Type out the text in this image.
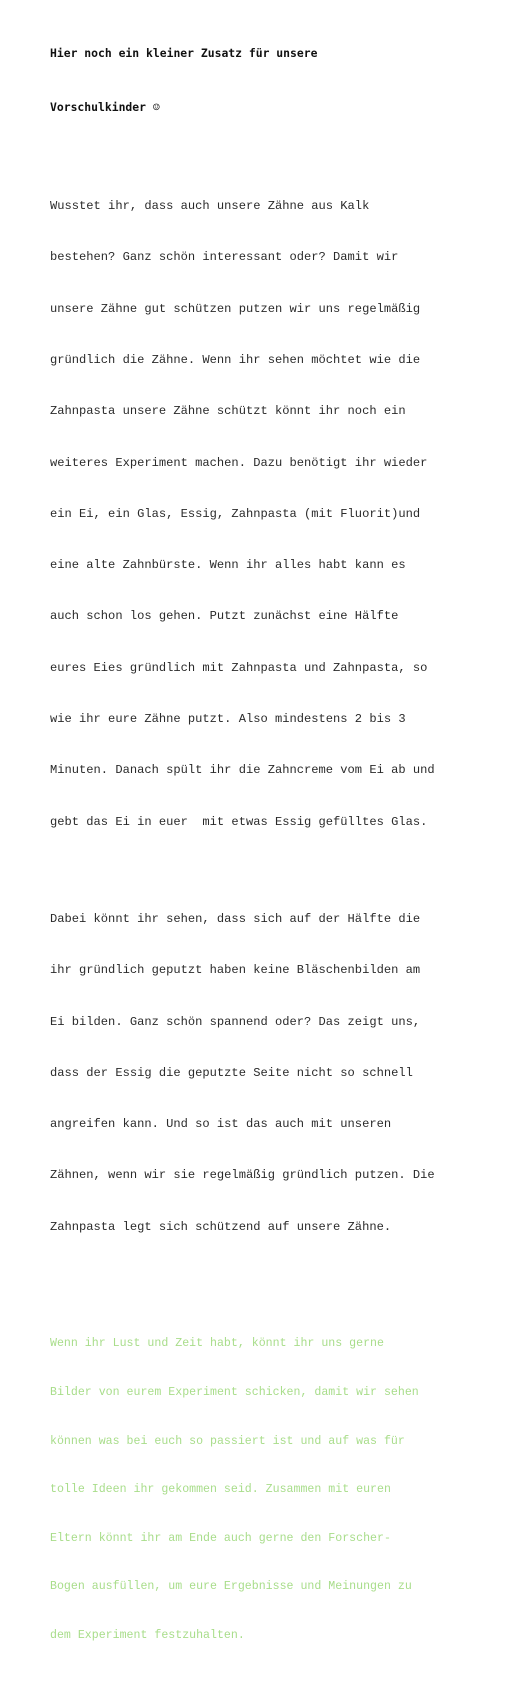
Hier noch ein kleiner Zusatz für unsere

Vorschulkinder ☺

Wusstet ihr, dass auch unsere Zähne aus Kalk

bestehen? Ganz schön interessant oder? Damit wir

unsere Zähne gut schützen putzen wir uns regelmäßig

gründlich die Zähne. Wenn ihr sehen möchtet wie die

Zahnpasta unsere Zähne schützt könnt ihr noch ein

weiteres Experiment machen. Dazu benötigt ihr wieder

ein Ei, ein Glas, Essig, Zahnpasta (mit Fluorit)und

eine alte Zahnbürste. Wenn ihr alles habt kann es

auch schon los gehen. Putzt zunächst eine Hälfte

eures Eies gründlich mit Zahnpasta und Zahnpasta, so

wie ihr eure Zähne putzt. Also mindestens 2 bis 3

Minuten. Danach spült ihr die Zahncreme vom Ei ab und

gebt das Ei in euer  mit etwas Essig gefülltes Glas.

Dabei könnt ihr sehen, dass sich auf der Hälfte die

ihr gründlich geputzt haben keine Bläschenbilden am

Ei bilden. Ganz schön spannend oder? Das zeigt uns,

dass der Essig die geputzte Seite nicht so schnell

angreifen kann. Und so ist das auch mit unseren

Zähnen, wenn wir sie regelmäßig gründlich putzen. Die

Zahnpasta legt sich schützend auf unsere Zähne.

Wenn ihr Lust und Zeit habt, könnt ihr uns gerne

Bilder von eurem Experiment schicken, damit wir sehen

können was bei euch so passiert ist und auf was für

tolle Ideen ihr gekommen seid. Zusammen mit euren

Eltern könnt ihr am Ende auch gerne den Forscher-

Bogen ausfüllen, um eure Ergebnisse und Meinungen zu

dem Experiment festzuhalten.
